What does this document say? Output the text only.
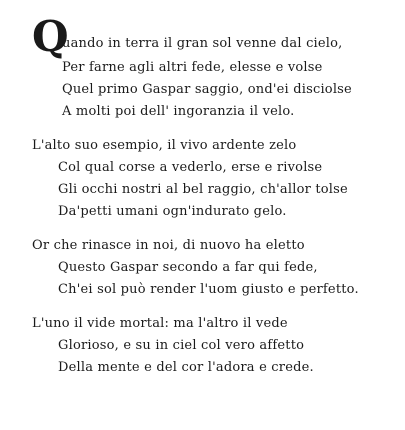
Q
uando in terra il gran sol venne dal cielo,
Per farne agli altri fede, elesse e volse
Quel primo Gaspar saggio, ond'ei disciolse
A molti poi dell' ingoranzia il velo.
L'alto suo esempio, il vivo ardente zelo
Col qual corse a vederlo, erse e rivolse
Gli occhi nostri al bel raggio, ch'allor tolse
Da'petti umani ogn'indurato gelo.
Or che rinasce in noi, di nuovo ha eletto
Questo Gaspar secondo a far qui fede,
Ch'ei sol può render l'uom giusto e perfetto.
L'uno il vide mortal: ma l'altro il vede
Glorioso, e su in ciel col vero affetto
Della mente e del cor l'adora e crede.
